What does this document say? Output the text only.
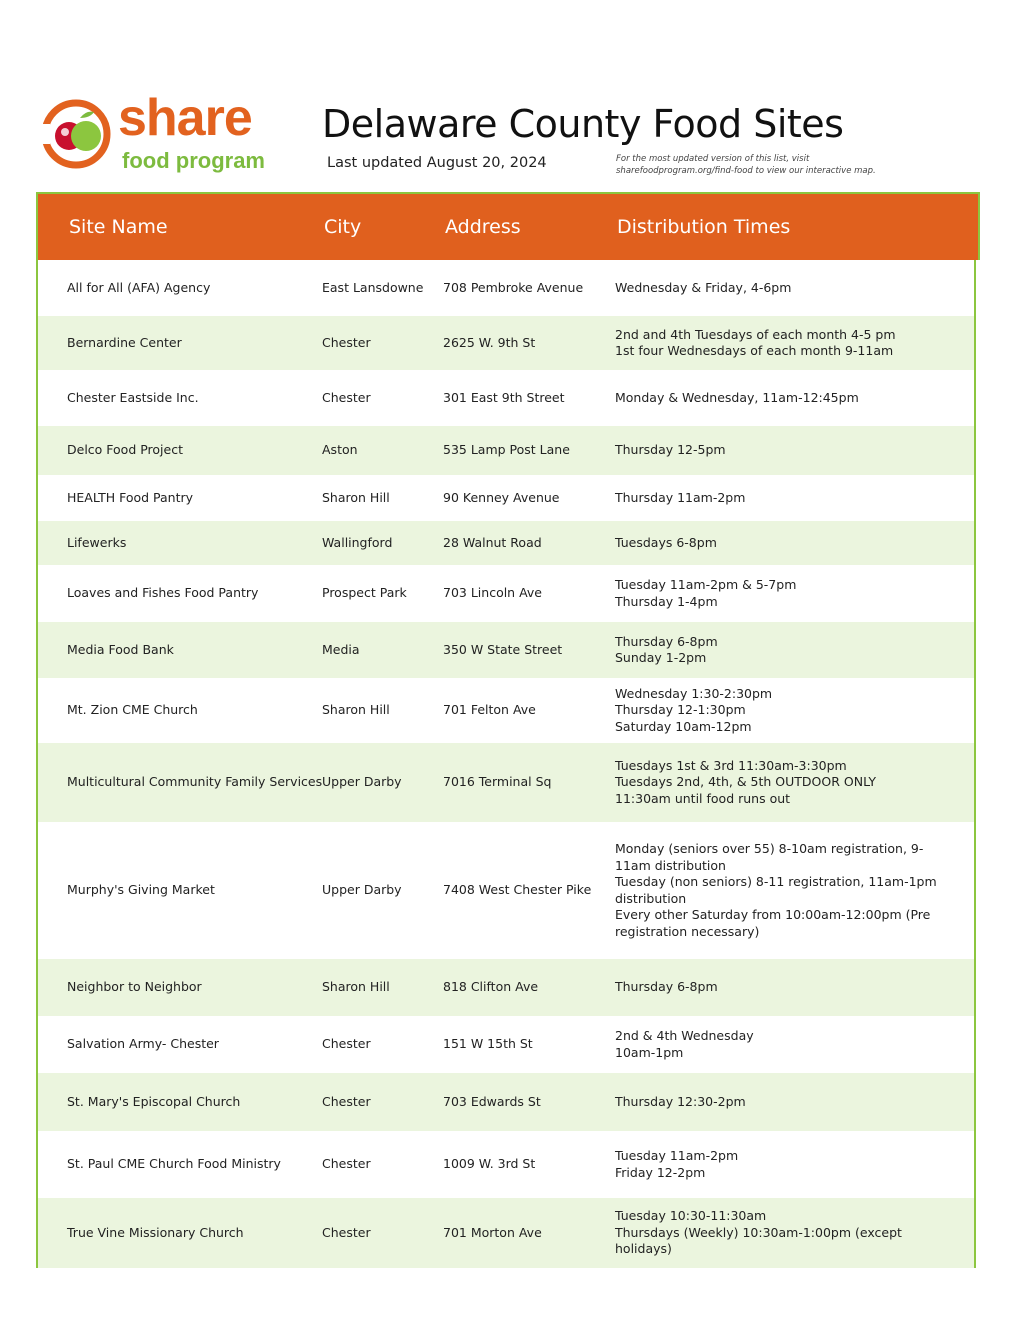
share
food program
Delaware County Food Sites
Last updated August 20, 2024	For the most updated version of this list, visit sharefoodprogram.org/find-food to view our interactive map.
Site Name	City	Address	Distribution Times
All for All (AFA) Agency	East Lansdowne	708 Pembroke Avenue	Wednesday & Friday, 4-6pm
Bernardine Center	Chester	2625 W. 9th St
2nd and 4th Tuesdays of each month 4-5 pm
1st four Wednesdays of each month 9-11am
Chester Eastside Inc.	Chester	301 East 9th Street	Monday & Wednesday, 11am-12:45pm
Delco Food Project	Aston	535 Lamp Post Lane	Thursday 12-5pm
HEALTH Food Pantry	Sharon Hill	90 Kenney Avenue	Thursday 11am-2pm
Lifewerks	Wallingford	28 Walnut Road	Tuesdays 6-8pm
Loaves and Fishes Food Pantry	Prospect Park	703 Lincoln Ave
Tuesday 11am-2pm & 5-7pm
Thursday 1-4pm
Media Food Bank	Media	350 W State Street
Thursday 6-8pm
Sunday 1-2pm
Mt. Zion CME Church	Sharon Hill	701 Felton Ave
Wednesday 1:30-2:30pm
Thursday 12-1:30pm
Saturday 10am-12pm
Multicultural Community Family Services Upper Darby	7016 Terminal Sq
Tuesdays 1st & 3rd 11:30am-3:30pm
Tuesdays 2nd, 4th, & 5th OUTDOOR ONLY
11:30am until food runs out
Murphy's Giving Market	Upper Darby	7408 West Chester Pike
Monday (seniors over 55) 8-10am registration, 9-
11am distribution
Tuesday (non seniors) 8-11 registration, 11am-1pm
distribution
Every other Saturday from 10:00am-12:00pm (Pre
registration necessary)
Neighbor to Neighbor	Sharon Hill	818 Clifton Ave	Thursday 6-8pm
Salvation Army- Chester	Chester	151 W 15th St
2nd & 4th Wednesday
10am-1pm
St. Mary's Episcopal Church	Chester	703 Edwards St	Thursday 12:30-2pm
St. Paul CME Church Food Ministry	Chester	1009 W. 3rd St
Tuesday 11am-2pm
Friday 12-2pm
True Vine Missionary Church	Chester	701 Morton Ave
Tuesday 10:30-11:30am
Thursdays (Weekly) 10:30am-1:00pm (except
holidays)
